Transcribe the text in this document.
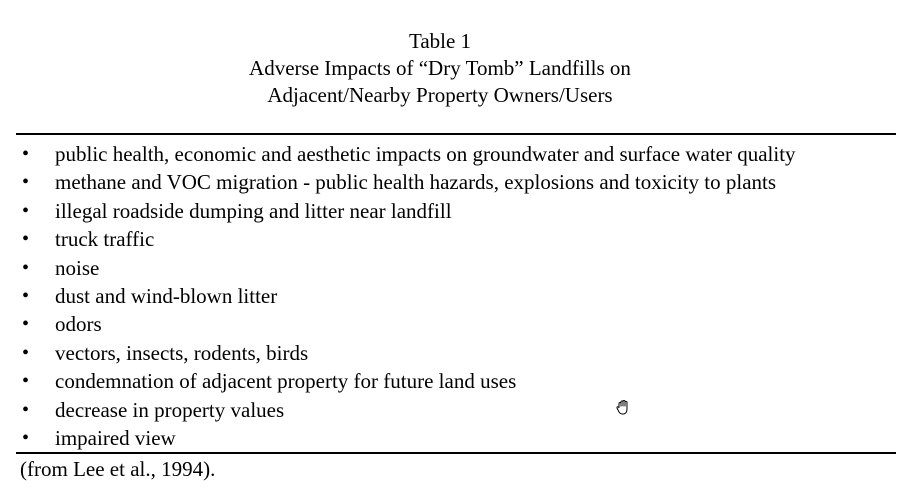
Table 1
Adverse Impacts of “Dry Tomb” Landfills on
Adjacent/Nearby Property Owners/Users
• public health, economic and aesthetic impacts on groundwater and surface water quality
• methane and VOC migration - public health hazards, explosions and toxicity to plants
• illegal roadside dumping and litter near landfill
• truck traffic
• noise
• dust and wind-blown litter
• odors
• vectors, insects, rodents, birds
• condemnation of adjacent property for future land uses
• decrease in property values
• impaired view
(from Lee et al., 1994).
